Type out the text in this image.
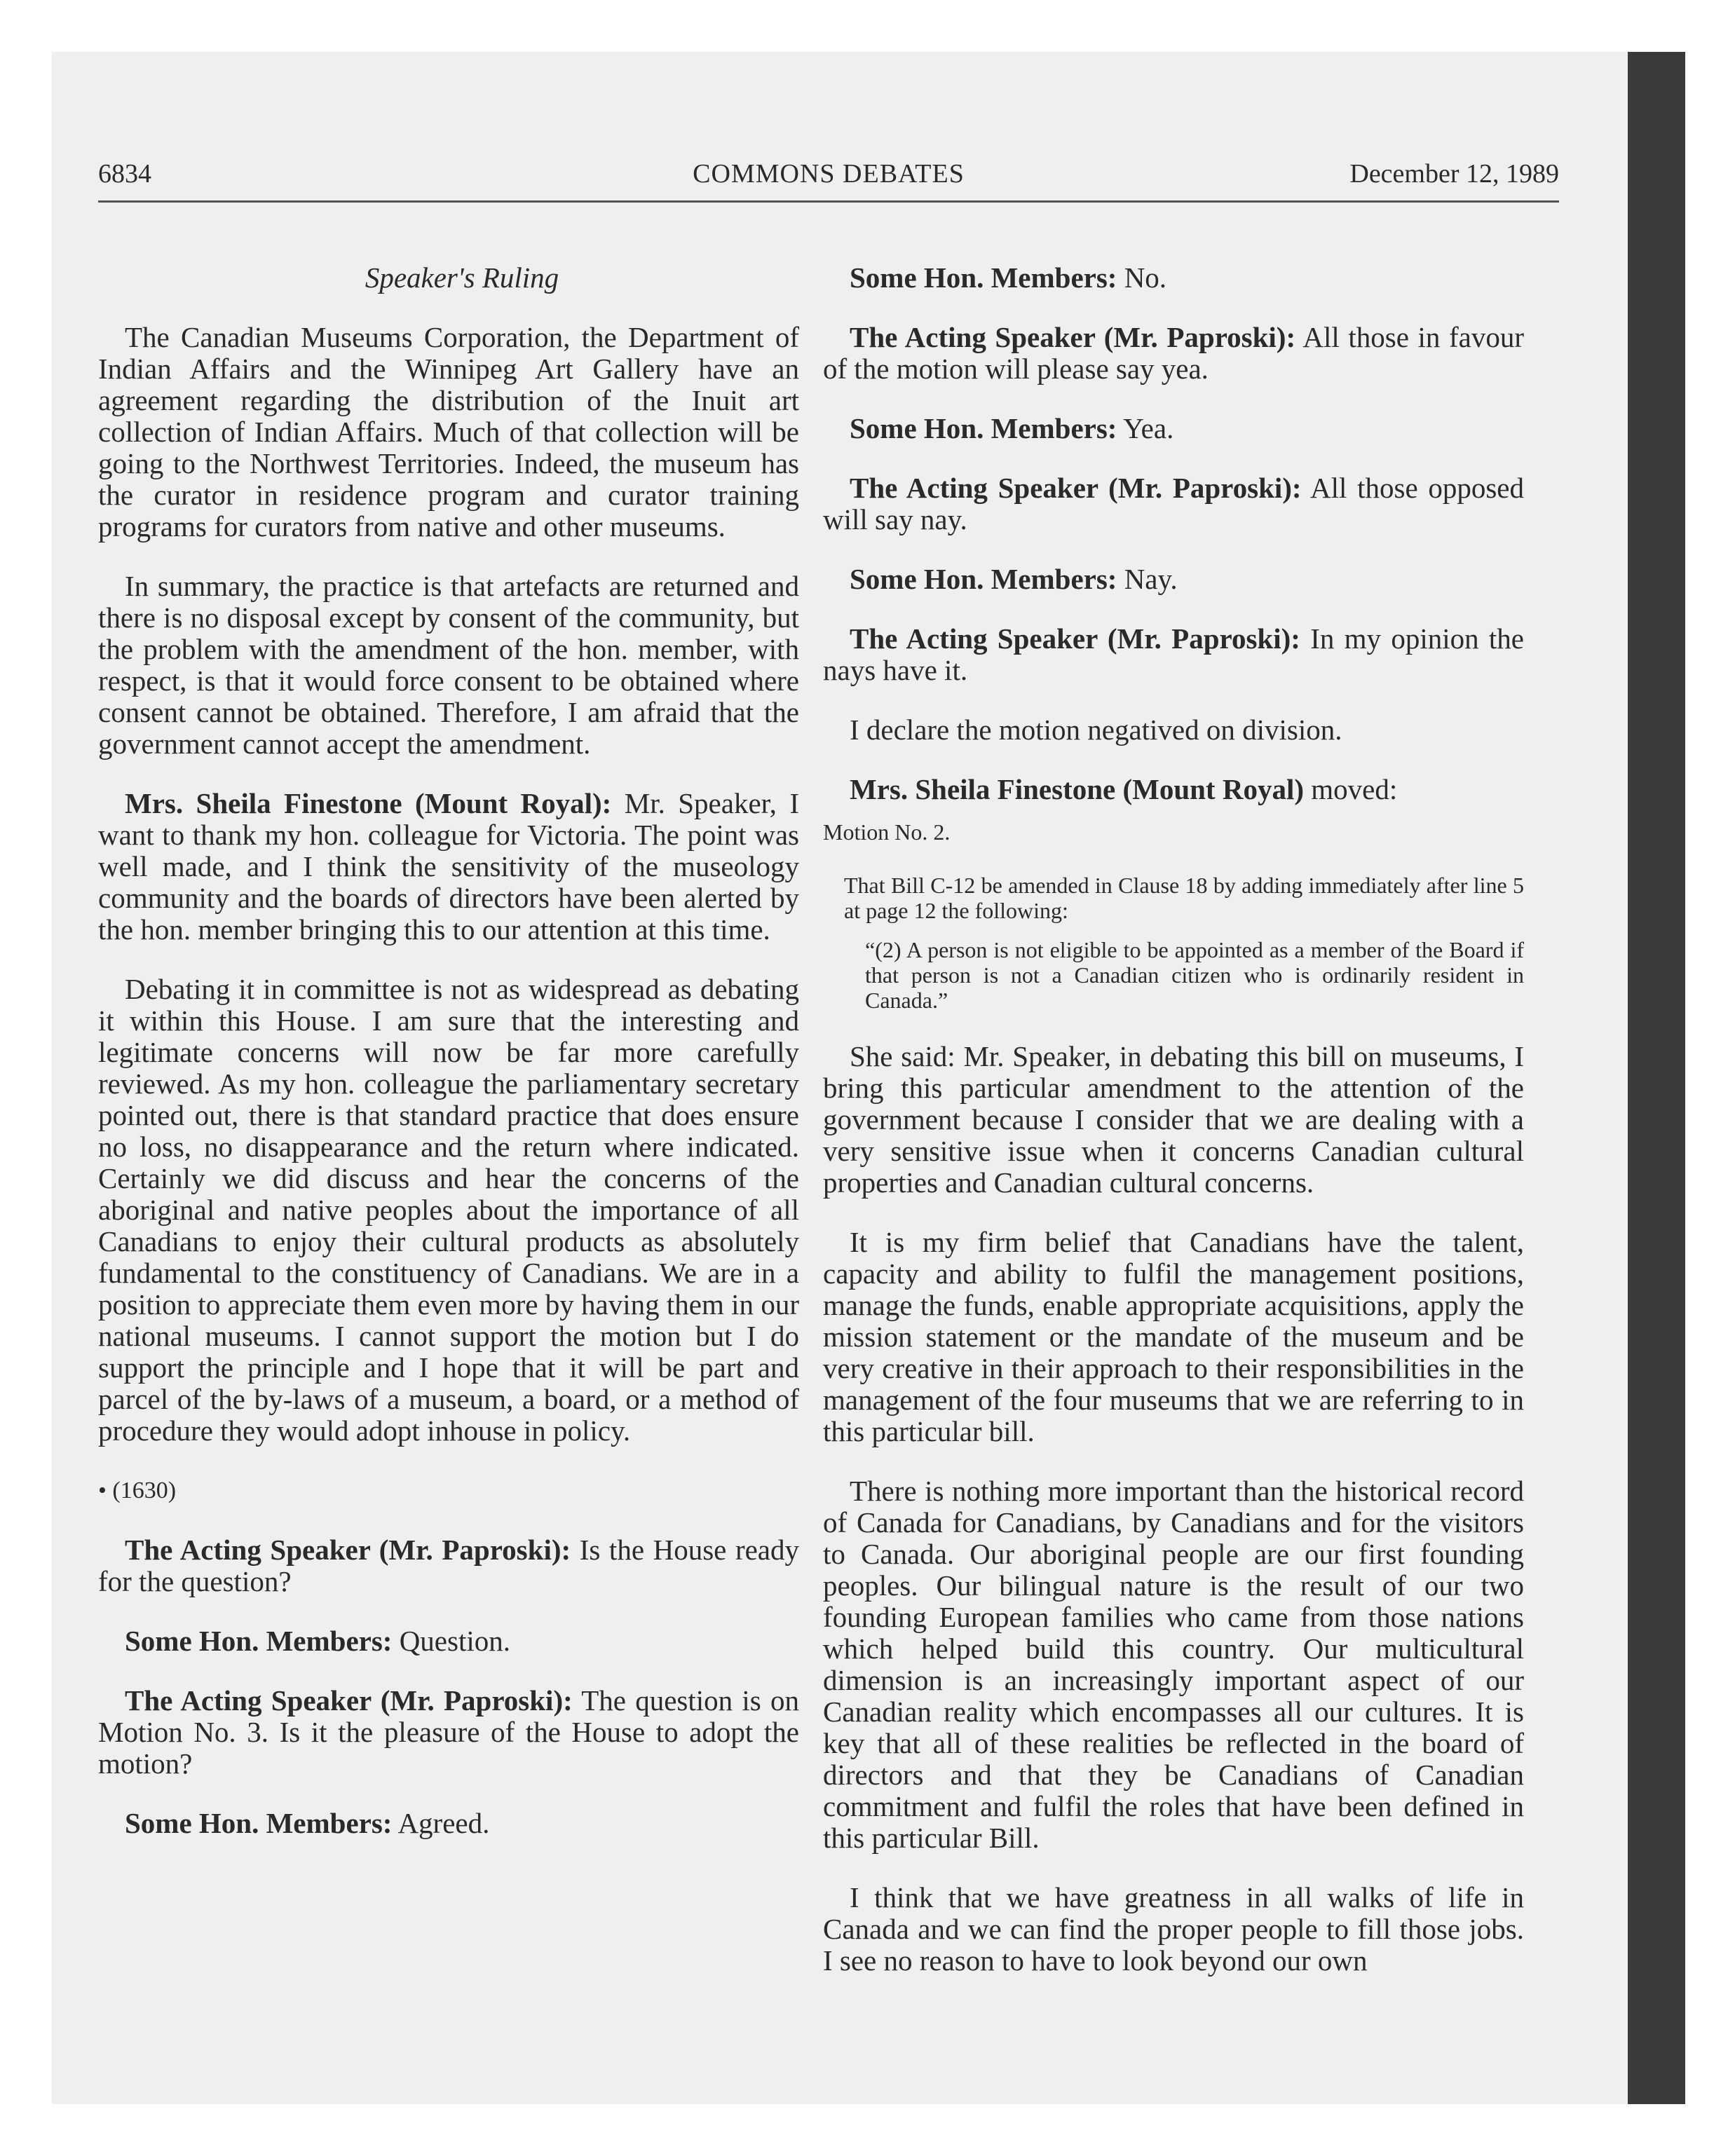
6834	COMMONS DEBATES	December 12, 1989

Speaker's Ruling

The Canadian Museums Corporation, the Department of Indian Affairs and the Winnipeg Art Gallery have an agreement regarding the distribution of the Inuit art collection of Indian Affairs. Much of that collection will be going to the Northwest Territories. Indeed, the museum has the curator in residence program and curator training programs for curators from native and other museums.

In summary, the practice is that artefacts are returned and there is no disposal except by consent of the community, but the problem with the amendment of the hon. member, with respect, is that it would force consent to be obtained where consent cannot be obtained. Therefore, I am afraid that the government cannot accept the amendment.

Mrs. Sheila Finestone (Mount Royal): Mr. Speaker, I want to thank my hon. colleague for Victoria. The point was well made, and I think the sensitivity of the museology community and the boards of directors have been alerted by the hon. member bringing this to our attention at this time.

Debating it in committee is not as widespread as debating it within this House. I am sure that the interesting and legitimate concerns will now be far more carefully reviewed. As my hon. colleague the parliamentary secretary pointed out, there is that standard practice that does ensure no loss, no disappearance and the return where indicated. Certainly we did discuss and hear the concerns of the aboriginal and native peoples about the importance of all Canadians to enjoy their cultural products as absolutely fundamental to the constituency of Canadians. We are in a position to appreciate them even more by having them in our national museums. I cannot support the motion but I do support the principle and I hope that it will be part and parcel of the by-laws of a museum, a board, or a method of procedure they would adopt inhouse in policy.

• (1630)

The Acting Speaker (Mr. Paproski): Is the House ready for the question?

Some Hon. Members: Question.

The Acting Speaker (Mr. Paproski): The question is on Motion No. 3. Is it the pleasure of the House to adopt the motion?

Some Hon. Members: Agreed.

Some Hon. Members: No.

The Acting Speaker (Mr. Paproski): All those in favour of the motion will please say yea.

Some Hon. Members: Yea.

The Acting Speaker (Mr. Paproski): All those opposed will say nay.

Some Hon. Members: Nay.

The Acting Speaker (Mr. Paproski): In my opinion the nays have it.

I declare the motion negatived on division.

Mrs. Sheila Finestone (Mount Royal) moved:

Motion No. 2.

That Bill C-12 be amended in Clause 18 by adding immediately after line 5 at page 12 the following:

“(2) A person is not eligible to be appointed as a member of the Board if that person is not a Canadian citizen who is ordinarily resident in Canada.”

She said: Mr. Speaker, in debating this bill on museums, I bring this particular amendment to the attention of the government because I consider that we are dealing with a very sensitive issue when it concerns Canadian cultural properties and Canadian cultural concerns.

It is my firm belief that Canadians have the talent, capacity and ability to fulfil the management positions, manage the funds, enable appropriate acquisitions, apply the mission statement or the mandate of the museum and be very creative in their approach to their responsibilities in the management of the four museums that we are referring to in this particular bill.

There is nothing more important than the historical record of Canada for Canadians, by Canadians and for the visitors to Canada. Our aboriginal people are our first founding peoples. Our bilingual nature is the result of our two founding European families who came from those nations which helped build this country. Our multicultural dimension is an increasingly important aspect of our Canadian reality which encompasses all our cultures. It is key that all of these realities be reflected in the board of directors and that they be Canadians of Canadian commitment and fulfil the roles that have been defined in this particular Bill.

I think that we have greatness in all walks of life in Canada and we can find the proper people to fill those jobs. I see no reason to have to look beyond our own
